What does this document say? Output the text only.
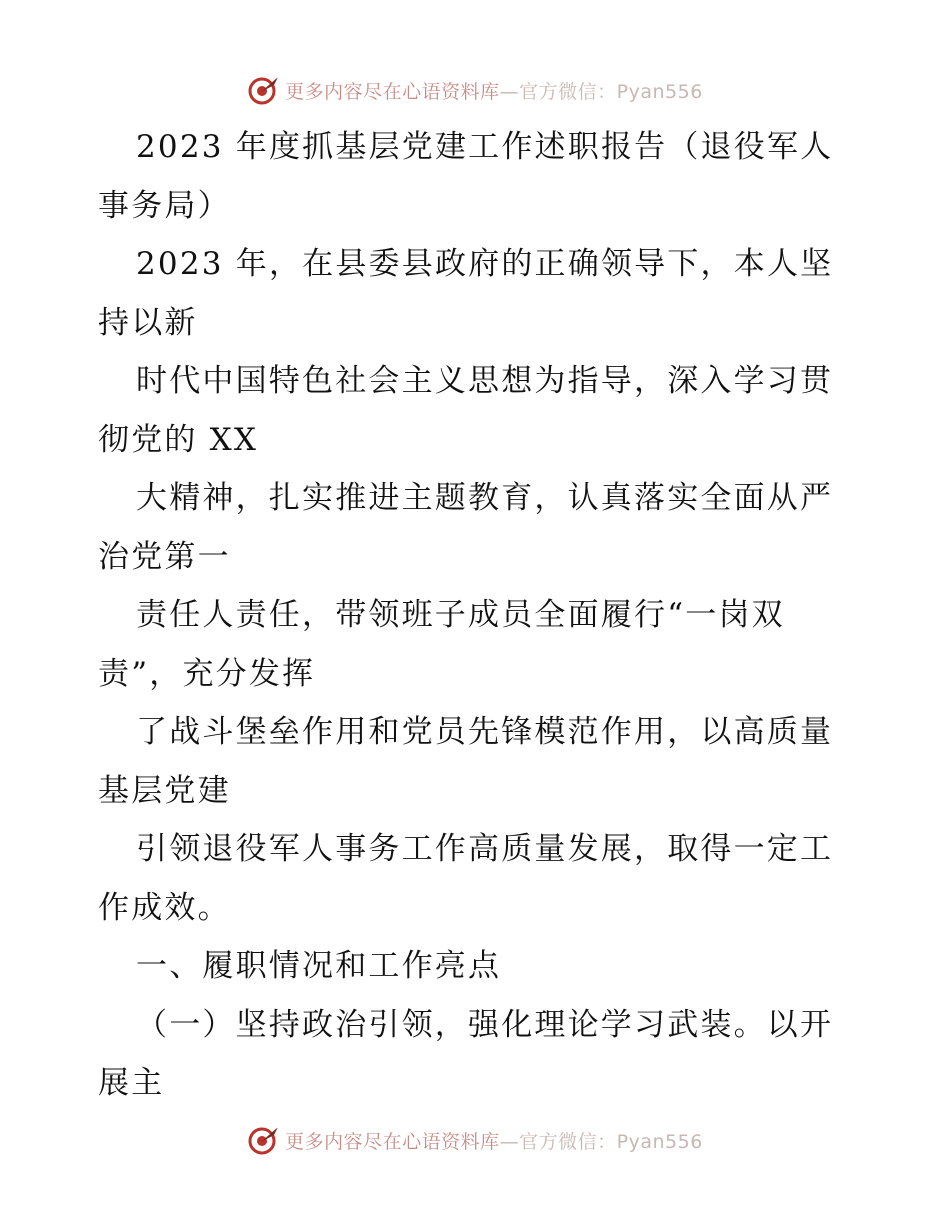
更多内容尽在心语资料库—官方微信：Pyan556

2023 年度抓基层党建工作述职报告（退役军人事务局）

2023 年，在县委县政府的正确领导下，本人坚持以新

时代中国特色社会主义思想为指导，深入学习贯彻党的 XX

大精神，扎实推进主题教育，认真落实全面从严治党第一

责任人责任，带领班子成员全面履行“一岗双责”，充分发挥

了战斗堡垒作用和党员先锋模范作用，以高质量基层党建

引领退役军人事务工作高质量发展，取得一定工作成效。

一、履职情况和工作亮点

（一）坚持政治引领，强化理论学习武装。以开展主

更多内容尽在心语资料库—官方微信：Pyan556
